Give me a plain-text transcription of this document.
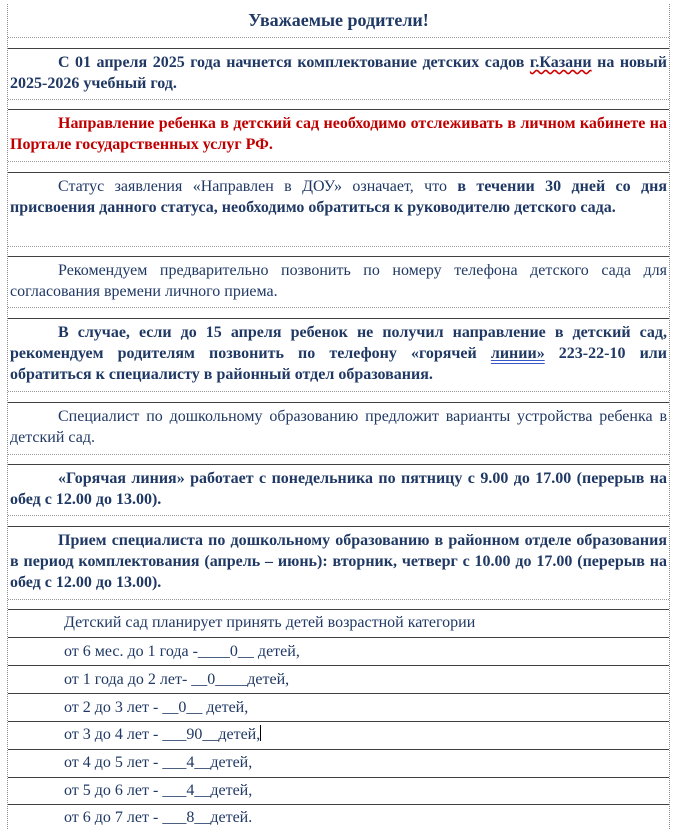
Уважаемые родители!
С 01 апреля 2025 года начнется комплектование детских садов г.Казани на новый 2025-2026 учебный год.
Направление ребенка в детский сад необходимо отслеживать в личном кабинете на Портале государственных услуг РФ.
Статус заявления «Направлен в ДОУ» означает, что в течении 30 дней со дня присвоения данного статуса, необходимо обратиться к руководителю детского сада.
Рекомендуем предварительно позвонить по номеру телефона детского сада для согласования времени личного приема.
В случае, если до 15 апреля ребенок не получил направление в детский сад, рекомендуем родителям позвонить по телефону «горячей линии» 223-22-10 или обратиться к специалисту в районный отдел образования.
Специалист по дошкольному образованию предложит варианты устройства ребенка в детский сад.
«Горячая линия» работает с понедельника по пятницу с 9.00 до 17.00 (перерыв на обед с 12.00 до 13.00).
Прием специалиста по дошкольному образованию в районном отделе образования в период комплектования (апрель – июнь): вторник, четверг с 10.00 до 17.00 (перерыв на обед с 12.00 до 13.00).
Детский сад планирует принять детей возрастной категории
от 6 мес. до 1 года -____0__ детей,
от 1 года до 2 лет- __0____детей,
от 2 до 3 лет - __0__ детей,
от 3 до 4 лет - ___90__детей,
от 4 до 5 лет - ___4__детей,
от 5 до 6 лет - ___4__детей,
от 6 до 7 лет - ___8__детей.
